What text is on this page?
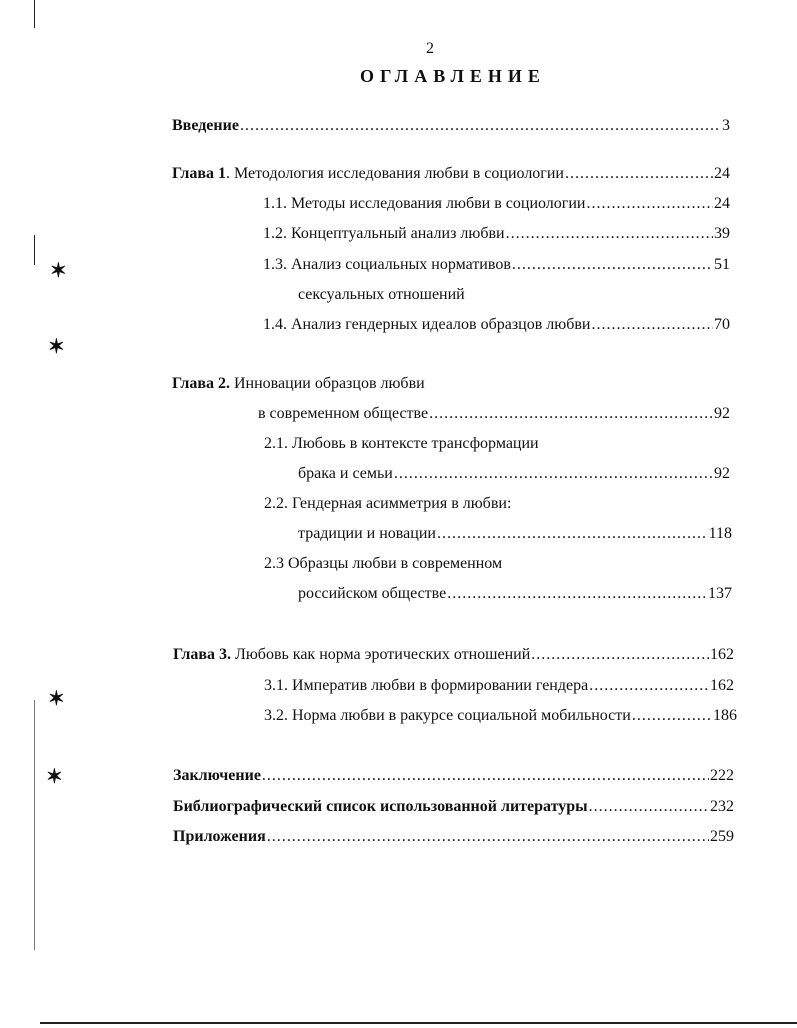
✶
✶
✶
✶
2
ОГЛАВЛЕНИЕ
Введение .....	3
Глава 1. Методология исследования любви в социологии .....	24
1.1. Методы исследования любви в социологии .....	24
1.2. Концептуальный анализ любви .....	39
1.3. Анализ социальных нормативов .....	51
сексуальных отношений
1.4. Анализ гендерных идеалов образцов любви .....	70
Глава 2. Инновации образцов любви
в современном обществе .....	92
2.1. Любовь в контексте трансформации
брака и семьи .....	92
2.2. Гендерная асимметрия в любви:
традиции и новации .....	118
2.3 Образцы любви в современном
российском обществе .....	137
Глава 3. Любовь как норма эротических отношений .....	162
3.1. Императив любви в формировании гендера .....	162
3.2. Норма любви в ракурсе социальной мобильности .....	186
Заключение .....	222
Библиографический список использованной литературы .....	232
Приложения .....	259
